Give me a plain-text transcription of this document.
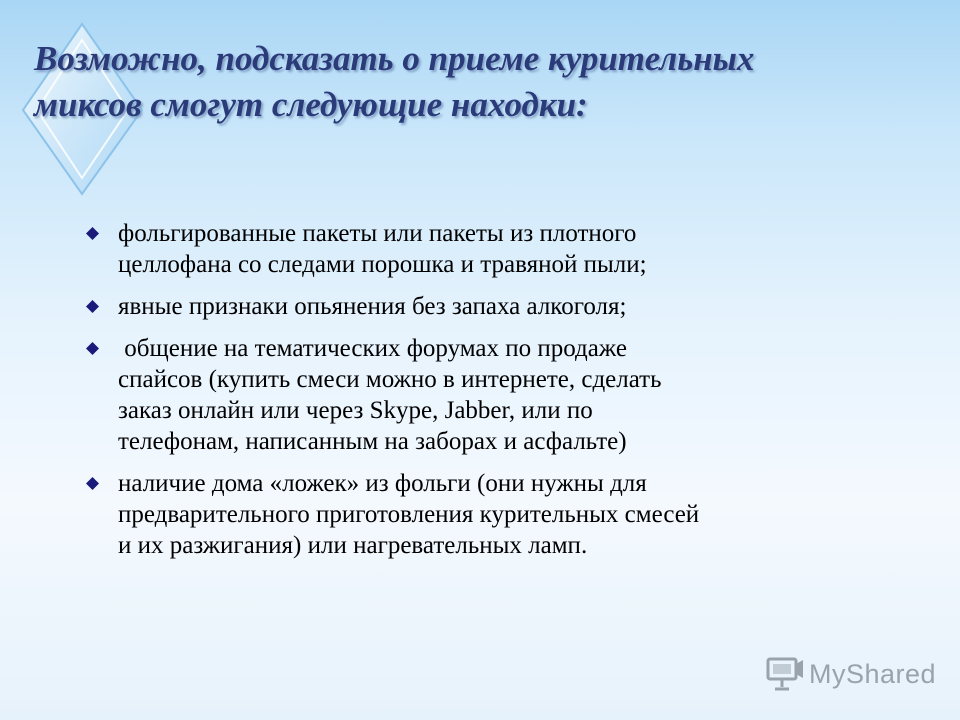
Возможно, подсказать о приеме курительных
миксов смогут следующие находки:
фольгированные пакеты или пакеты из плотного
целлофана со следами порошка и травяной пыли;
явные признаки опьянения без запаха алкоголя;
общение на тематических форумах по продаже
спайсов (купить смеси можно в интернете, сделать
заказ онлайн или через Skype, Jabber, или по
телефонам, написанным на заборах и асфальте)
наличие дома «ложек» из фольги (они нужны для
предварительного приготовления курительных смесей
и их разжигания) или нагревательных ламп.
MyShared
